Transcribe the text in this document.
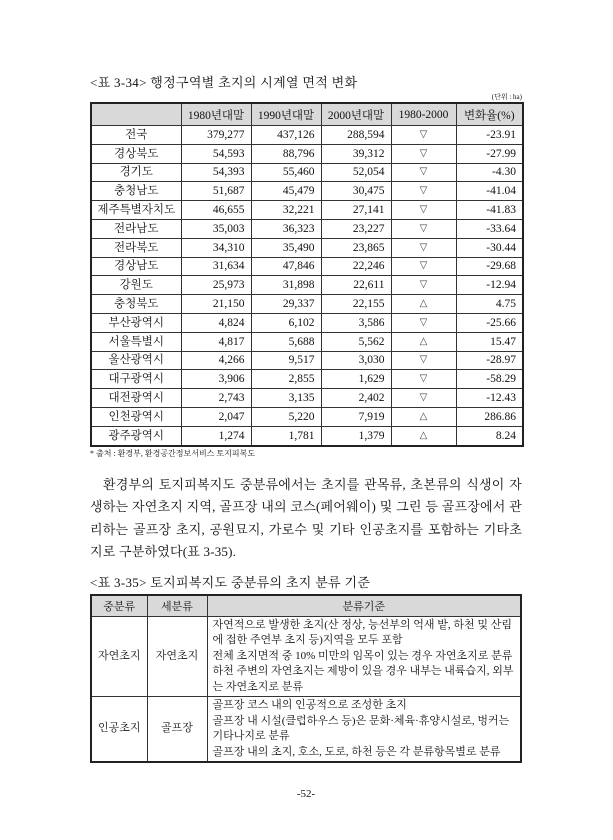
<표 3-34> 행정구역별 초지의 시계열 면적 변화
(단위 : ha)
	1980년대말	1990년대말	2000년대말	1980-2000	변화율(%)
전국	379,277	437,126	288,594	▽	-23.91
경상북도	54,593	88,796	39,312	▽	-27.99
경기도	54,393	55,460	52,054	▽	-4.30
충청남도	51,687	45,479	30,475	▽	-41.04
제주특별자치도	46,655	32,221	27,141	▽	-41.83
전라남도	35,003	36,323	23,227	▽	-33.64
전라북도	34,310	35,490	23,865	▽	-30.44
경상남도	31,634	47,846	22,246	▽	-29.68
강원도	25,973	31,898	22,611	▽	-12.94
충청북도	21,150	29,337	22,155	△	4.75
부산광역시	4,824	6,102	3,586	▽	-25.66
서울특별시	4,817	5,688	5,562	△	15.47
울산광역시	4,266	9,517	3,030	▽	-28.97
대구광역시	3,906	2,855	1,629	▽	-58.29
대전광역시	2,743	3,135	2,402	▽	-12.43
인천광역시	2,047	5,220	7,919	△	286.86
광주광역시	1,274	1,781	1,379	△	8.24
* 출처 : 환경부, 환경공간정보서비스 토지피복도
환경부의 토지피복지도 중분류에서는 초지를 관목류, 초본류의 식생이 자생하는 자연초지 지역, 골프장 내의 코스(페어웨이) 및 그린 등 골프장에서 관리하는 골프장 초지, 공원묘지, 가로수 및 기타 인공초지를 포함하는 기타초지로 구분하였다(표 3-35).
<표 3-35> 토지피복지도 중분류의 초지 분류 기준
중분류	세분류	분류기준
자연초지	자연초지	자연적으로 발생한 초지(산 정상, 능선부의 억새 밭, 하천 및 산림에 접한 주연부 초지 등)지역을 모두 포함
전체 초지면적 중 10% 미만의 임목이 있는 경우 자연초지로 분류
하천 주변의 자연초지는 제방이 있을 경우 내부는 내륙습지, 외부는 자연초지로 분류

인공초지	골프장	골프장 코스 내의 인공적으로 조성한 초지
골프장 내 시설(클럽하우스 등)은 문화·체육·휴양시설로, 벙커는 기타나지로 분류
골프장 내의 초지, 호소, 도로, 하천 등은 각 분류항목별로 분류
-52-
